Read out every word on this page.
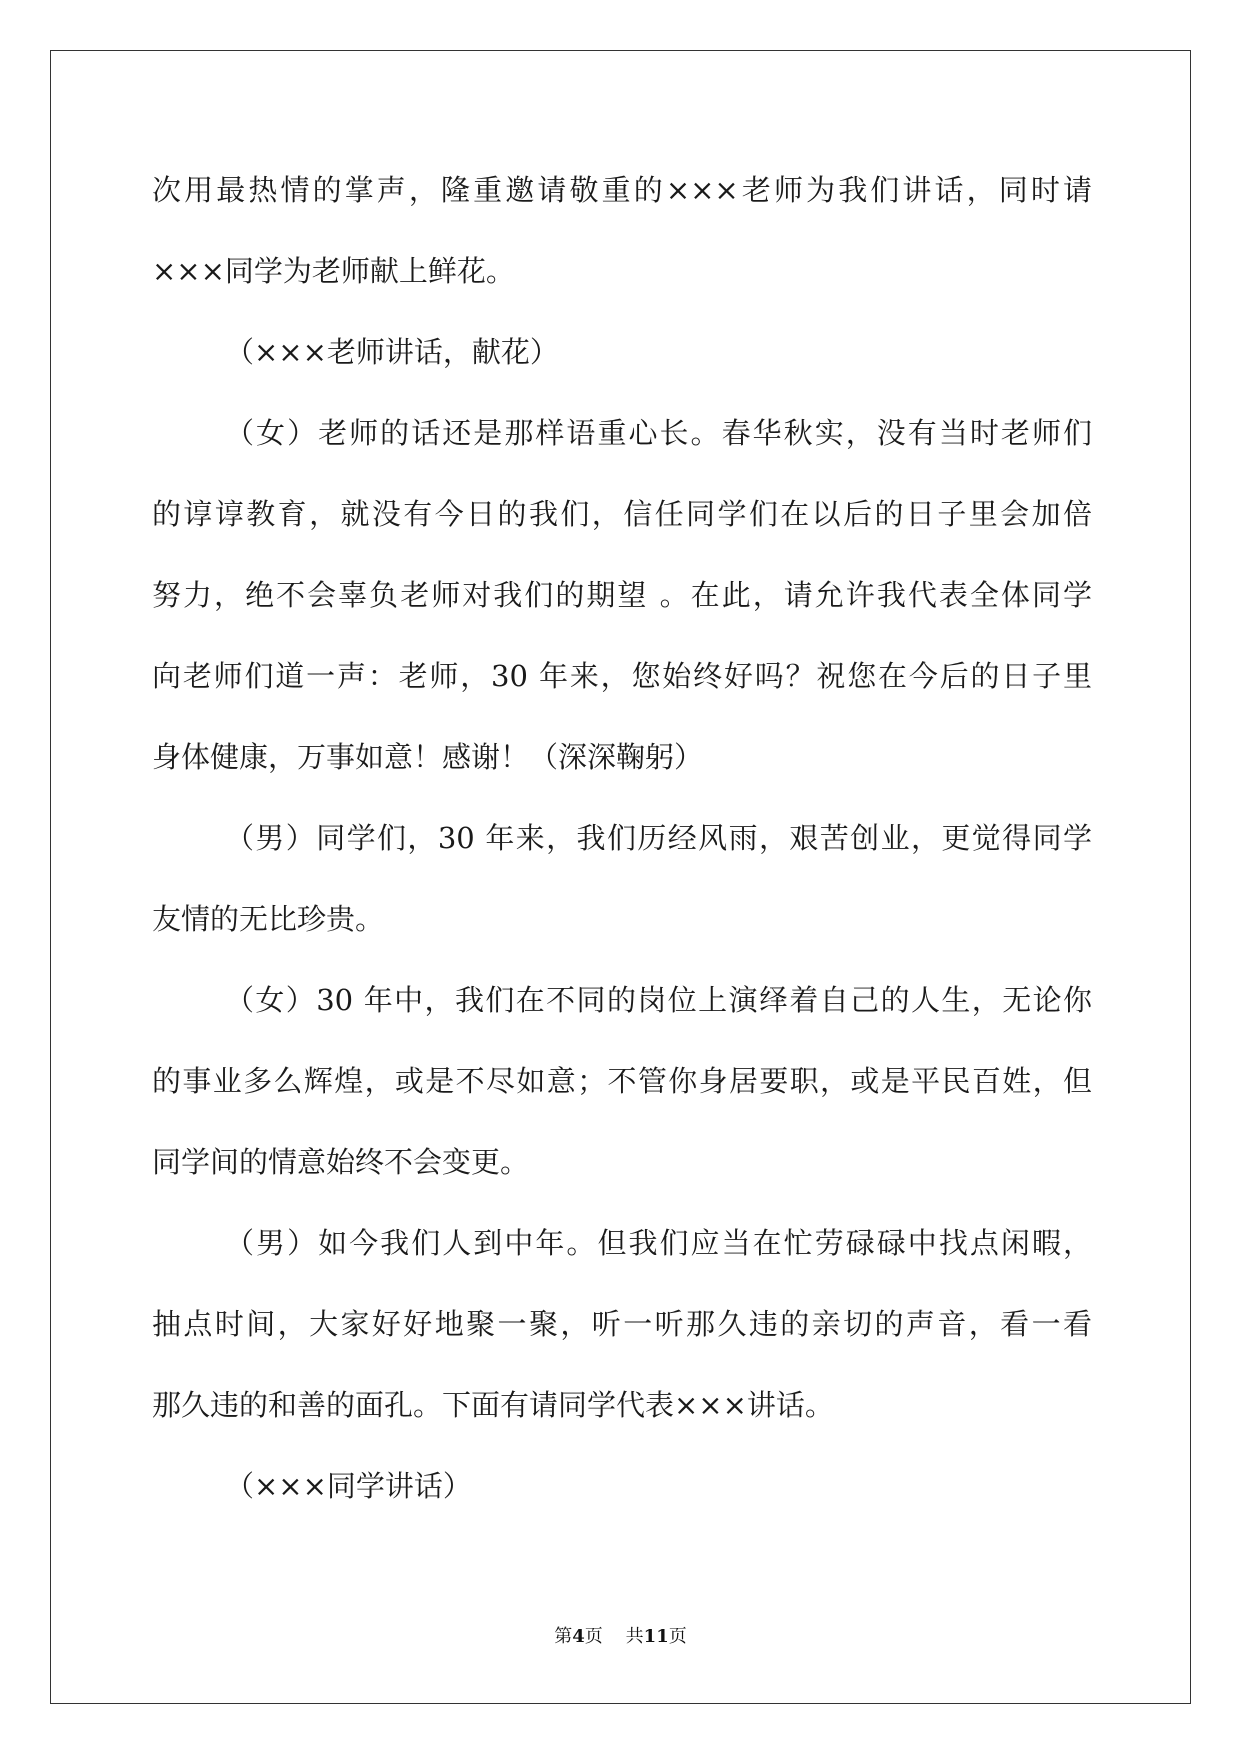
次用最热情的掌声，隆重邀请敬重的×××老师为我们讲话，同时请
×××同学为老师献上鲜花。
（×××老师讲话，献花）
（女）老师的话还是那样语重心长。春华秋实，没有当时老师们
的谆谆教育，就没有今日的我们，信任同学们在以后的日子里会加倍
努力，绝不会辜负老师对我们的期望 。在此，请允许我代表全体同学
向老师们道一声：老师，30 年来，您始终好吗？祝您在今后的日子里
身体健康，万事如意！感谢！（深深鞠躬）
（男）同学们，30 年来，我们历经风雨，艰苦创业，更觉得同学
友情的无比珍贵。
（女）30 年中，我们在不同的岗位上演绎着自己的人生，无论你
的事业多么辉煌，或是不尽如意；不管你身居要职，或是平民百姓，但
同学间的情意始终不会变更。
（男）如今我们人到中年。但我们应当在忙劳碌碌中找点闲暇，
抽点时间，大家好好地聚一聚，听一听那久违的亲切的声音，看一看
那久违的和善的面孔。下面有请同学代表×××讲话。
（×××同学讲话）
第4页 共11页
